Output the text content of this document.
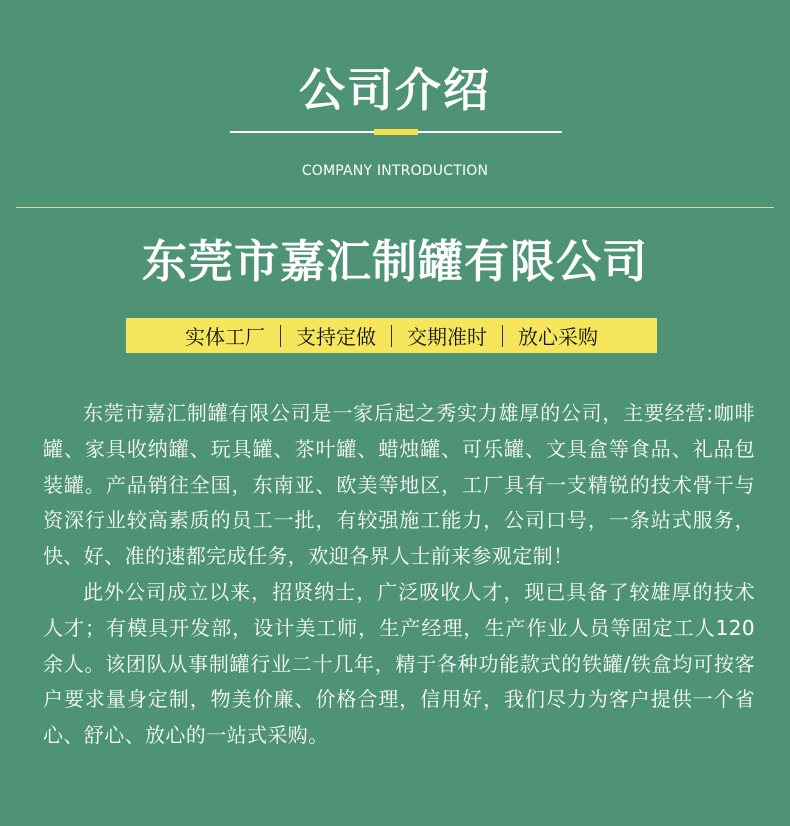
公司介绍
COMPANY INTRODUCTION
东莞市嘉汇制罐有限公司
实体工厂	支持定做	交期准时	放心采购

东莞市嘉汇制罐有限公司是一家后起之秀实力雄厚的公司，主要经营:咖啡罐、家具收纳罐、玩具罐、茶叶罐、蜡烛罐、可乐罐、文具盒等食品、礼品包装罐。产品销往全国，东南亚、欧美等地区，工厂具有一支精锐的技术骨干与资深行业较高素质的员工一批，有较强施工能力，公司口号，一条站式服务，快、好、准的速都完成任务，欢迎各界人士前来参观定制！

此外公司成立以来，招贤纳士，广泛吸收人才，现已具备了较雄厚的技术人才；有模具开发部，设计美工师，生产经理，生产作业人员等固定工人120余人。该团队从事制罐行业二十几年，精于各种功能款式的铁罐/铁盒均可按客户要求量身定制，物美价廉、价格合理，信用好，我们尽力为客户提供一个省心、舒心、放心的一站式采购。
